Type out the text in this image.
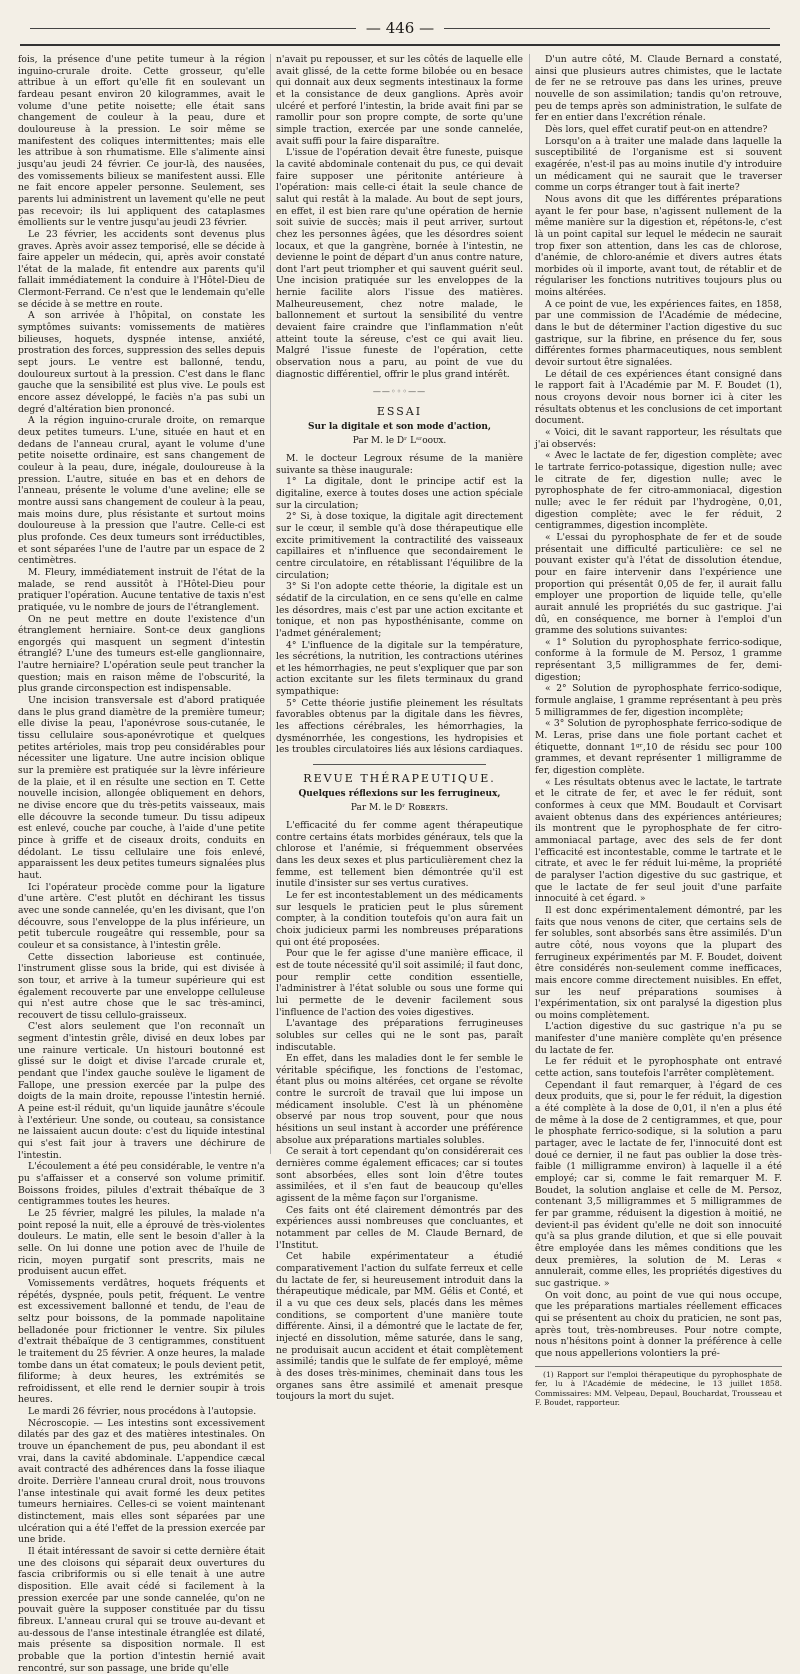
— 446 —

fois, la présence d'une petite tumeur à la région inguino-crurale droite. Cette grosseur, qu'elle attribue à un effort qu'elle fit en soulevant un fardeau pesant environ 20 kilogrammes, avait le volume d'une petite noisette; elle était sans changement de couleur à la peau, dure et douloureuse à la pression. Le soir même se manifestent des coliques intermittentes; mais elle les attribue à son rhumatisme. Elle s'alimente ainsi jusqu'au jeudi 24 février. Ce jour-là, des nausées, des vomissements bilieux se manifestent aussi. Elle ne fait encore appeler personne. Seulement, ses parents lui administrent un lavement qu'elle ne peut pas recevoir; ils lui appliquent des cataplasmes émollients sur le ventre jusqu'au jeudi 23 février.

Le 23 février, les accidents sont devenus plus graves. Après avoir assez temporisé, elle se décide à faire appeler un médecin, qui, après avoir constaté l'état de la malade, fit entendre aux parents qu'il fallait immédiatement la conduire à l'Hôtel-Dieu de Clermont-Ferrand. Ce n'est que le lendemain qu'elle se décide à se mettre en route.

A son arrivée à l'hôpital, on constate les symptômes suivants: vomissements de matières bilieuses, hoquets, dyspnée intense, anxiété, prostration des forces, suppression des selles depuis sept jours. Le ventre est ballonné, tendu, douloureux surtout à la pression. C'est dans le flanc gauche que la sensibilité est plus vive. Le pouls est encore assez développé, le faciès n'a pas subi un degré d'altération bien prononcé.

A la région inguino-crurale droite, on remarque deux petites tumeurs. L'une, située en haut et en dedans de l'anneau crural, ayant le volume d'une petite noisette ordinaire, est sans changement de couleur à la peau, dure, inégale, douloureuse à la pression. L'autre, située en bas et en dehors de l'anneau, présente le volume d'une aveline; elle se montre aussi sans changement de couleur à la peau, mais moins dure, plus résistante et surtout moins douloureuse à la pression que l'autre. Celle-ci est plus profonde. Ces deux tumeurs sont irréductibles, et sont séparées l'une de l'autre par un espace de 2 centimètres.

M. Fleury, immédiatement instruit de l'état de la malade, se rend aussitôt à l'Hôtel-Dieu pour pratiquer l'opération. Aucune tentative de taxis n'est pratiquée, vu le nombre de jours de l'étranglement.

On ne peut mettre en doute l'existence d'un étranglement herniaire. Sont-ce deux ganglions engorgés qui masquent un segment d'intestin étranglé? L'une des tumeurs est-elle ganglionnaire, l'autre herniaire? L'opération seule peut trancher la question; mais en raison même de l'obscurité, la plus grande circonspection est indispensable.

Une incision transversale est d'abord pratiquée dans le plus grand diamètre de la première tumeur; elle divise la peau, l'aponévrose sous-cutanée, le tissu cellulaire sous-aponévrotique et quelques petites artérioles, mais trop peu considérables pour nécessiter une ligature. Une autre incision oblique sur la première est pratiquée sur la lèvre inférieure de la plaie, et il en résulte une section en T. Cette nouvelle incision, allongée obliquement en dehors, ne divise encore que du très-petits vaisseaux, mais elle découvre la seconde tumeur. Du tissu adipeux est enlevé, couche par couche, à l'aide d'une petite pince à griffe et de ciseaux droits, conduits en dédolant. Le tissu cellulaire une fois enlevé, apparaissent les deux petites tumeurs signalées plus haut.

Ici l'opérateur procède comme pour la ligature d'une artère. C'est plutôt en déchirant les tissus avec une sonde cannelée, qu'en les divisant, que l'on découvre, sous l'enveloppe de la plus inférieure, un petit tubercule rougeâtre qui ressemble, pour sa couleur et sa consistance, à l'intestin grêle.

Cette dissection laborieuse est continuée, l'instrument glisse sous la bride, qui est divisée à son tour, et arrive à la tumeur supérieure qui est également recouverte par une enveloppe celluleuse qui n'est autre chose que le sac très-aminci, recouvert de tissu cellulo-graisseux.

C'est alors seulement que l'on reconnaît un segment d'intestin grêle, divisé en deux lobes par une rainure verticale. Un histouri boutonné est glissé sur le doigt et divise l'arcade crurale et, pendant que l'index gauche soulève le ligament de Fallope, une pression exercée par la pulpe des doigts de la main droite, repousse l'intestin hernié. A peine est-il réduit, qu'un liquide jaunâtre s'écoule à l'extérieur. Une sonde, ou couteau, sa consistance ne laissaient aucun doute: c'est du liquide intestinal qui s'est fait jour à travers une déchirure de l'intestin.

L'écoulement a été peu considérable, le ventre n'a pu s'affaisser et a conservé son volume primitif. Boissons froides, pilules d'extrait thébaïque de 3 centigrammes toutes les heures.

Le 25 février, malgré les pilules, la malade n'a point reposé la nuit, elle a éprouvé de très-violentes douleurs. Le matin, elle sent le besoin d'aller à la selle. On lui donne une potion avec de l'huile de ricin, moyen purgatif sont prescrits, mais ne produisent aucun effet.

Vomissements verdâtres, hoquets fréquents et répétés, dyspnée, pouls petit, fréquent. Le ventre est excessivement ballonné et tendu, de l'eau de seltz pour boissons, de la pommade napolitaine belladonée pour frictionner le ventre. Six pilules d'extrait thébaïque de 3 centigrammes, constituent le traitement du 25 février. A onze heures, la malade tombe dans un état comateux; le pouls devient petit, filiforme; à deux heures, les extrémités se refroidissent, et elle rend le dernier soupir à trois heures.

Le mardi 26 février, nous procédons à l'autopsie.

Nécroscopie. — Les intestins sont excessivement dilatés par des gaz et des matières intestinales. On trouve un épanchement de pus, peu abondant il est vrai, dans la cavité abdominale. L'appendice cæcal avait contracté des adhérences dans la fosse iliaque droite. Derrière l'anneau crural droit, nous trouvons l'anse intestinale qui avait formé les deux petites tumeurs herniaires. Celles-ci se voient maintenant distinctement, mais elles sont séparées par une ulcération qui a été l'effet de la pression exercée par une bride.

Il était intéressant de savoir si cette dernière était une des cloisons qui séparait deux ouvertures du fascia cribriformis ou si elle tenait à une autre disposition. Elle avait cédé si facilement à la pression exercée par une sonde cannelée, qu'on ne pouvait guère la supposer constituée par du tissu fibreux. L'anneau crural qui se trouve au-devant et au-dessous de l'anse intestinale étranglée est dilaté, mais présente sa disposition normale. Il est probable que la portion d'intestin hernié avait rencontré, sur son passage, une bride qu'elle

n'avait pu repousser, et sur les côtés de laquelle elle avait glissé, de la cette forme bilobée ou en besace qui donnait aux deux segments intestinaux la forme et la consistance de deux ganglions. Après avoir ulcéré et perforé l'intestin, la bride avait fini par se ramollir pour son propre compte, de sorte qu'une simple traction, exercée par une sonde cannelée, avait suffi pour la faire disparaître.

L'issue de l'opération devait être funeste, puisque la cavité abdominale contenait du pus, ce qui devait faire supposer une péritonite antérieure à l'opération: mais celle-ci était la seule chance de salut qui restât à la malade. Au bout de sept jours, en effet, il est bien rare qu'une opération de hernie soit suivie de succès; mais il peut arriver, surtout chez les personnes âgées, que les désordres soient locaux, et que la gangrène, bornée à l'intestin, ne devienne le point de départ d'un anus contre nature, dont l'art peut triompher et qui sauvent guérit seul. Une incision pratiquée sur les enveloppes de la hernie facilite alors l'issue des matières. Malheureusement, chez notre malade, le ballonnement et surtout la sensibilité du ventre devaient faire craindre que l'inflammation n'eût atteint toute la séreuse, c'est ce qui avait lieu. Malgré l'issue funeste de l'opération, cette observation nous a paru, au point de vue du diagnostic différentiel, offrir le plus grand intérêt.

——◦◦◦——
ESSAI
Sur la digitale et son mode d'action,
Par M. le Dʳ Lˢʳᴏᴏᴜx.

M. le docteur Legroux résume de la manière suivante sa thèse inaugurale:

1° La digitale, dont le principe actif est la digitaline, exerce à toutes doses une action spéciale sur la circulation;

2° Si, à dose toxique, la digitale agit directement sur le cœur, il semble qu'à dose thérapeutique elle excite primitivement la contractilité des vaisseaux capillaires et n'influence que secondairement le centre circulatoire, en rétablissant l'équilibre de la circulation;

3° Si l'on adopte cette théorie, la digitale est un sédatif de la circulation, en ce sens qu'elle en calme les désordres, mais c'est par une action excitante et tonique, et non pas hyposthénisante, comme on l'admet généralement;

4° L'influence de la digitale sur la température, les sécrétions, la nutrition, les contractions utérines et les hémorrhagies, ne peut s'expliquer que par son action excitante sur les filets terminaux du grand sympathique:

5° Cette théorie justifie pleinement les résultats favorables obtenus par la digitale dans les fièvres, les affections cérébrales, les hémorrhagies, la dysménorrhée, les congestions, les hydropisies et les troubles circulatoires liés aux lésions cardiaques.

REVUE THÉRAPEUTIQUE.
Quelques réflexions sur les ferrugineux,
Par M. le Dʳ Rᴏʙᴇʀᴛs.

L'efficacité du fer comme agent thérapeutique contre certains états morbides généraux, tels que la chlorose et l'anémie, si fréquemment observées dans les deux sexes et plus particulièrement chez la femme, est tellement bien démontrée qu'il est inutile d'insister sur ses vertus curatives.

Le fer est incontestablement un des médicaments sur lesquels le praticien peut le plus sûrement compter, à la condition toutefois qu'on aura fait un choix judicieux parmi les nombreuses préparations qui ont été proposées.

Pour que le fer agisse d'une manière efficace, il est de toute nécessité qu'il soit assimilé; il faut donc, pour remplir cette condition essentielle, l'administrer à l'état soluble ou sous une forme qui lui permette de le devenir facilement sous l'influence de l'action des voies digestives.

L'avantage des préparations ferrugineuses solubles sur celles qui ne le sont pas, paraît indiscutable.

En effet, dans les maladies dont le fer semble le véritable spécifique, les fonctions de l'estomac, étant plus ou moins altérées, cet organe se révolte contre le surcroît de travail que lui impose un médicament insoluble. C'est là un phénomène observé par nous trop souvent, pour que nous hésitions un seul instant à accorder une préférence absolue aux préparations martiales solubles.

Ce serait à tort cependant qu'on considérerait ces dernières comme également efficaces; car si toutes sont absorbées, elles sont loin d'être toutes assimilées, et il s'en faut de beaucoup qu'elles agissent de la même façon sur l'organisme.

Ces faits ont été clairement démontrés par des expériences aussi nombreuses que concluantes, et notamment par celles de M. Claude Bernard, de l'Institut.

Cet habile expérimentateur a étudié comparativement l'action du sulfate ferreux et celle du lactate de fer, si heureusement introduit dans la thérapeutique médicale, par MM. Gélis et Conté, et il a vu que ces deux sels, placés dans les mêmes conditions, se comportent d'une manière toute différente. Ainsi, il a démontré que le lactate de fer, injecté en dissolution, même saturée, dans le sang, ne produisait aucun accident et était complètement assimilé; tandis que le sulfate de fer employé, même à des doses très-minimes, cheminait dans tous les organes sans être assimilé et amenait presque toujours la mort du sujet.

D'un autre côté, M. Claude Bernard a constaté, ainsi que plusieurs autres chimistes, que le lactate de fer ne se retrouve pas dans les urines, preuve nouvelle de son assimilation; tandis qu'on retrouve, peu de temps après son administration, le sulfate de fer en entier dans l'excrétion rénale.

Dès lors, quel effet curatif peut-on en attendre?

Lorsqu'on a à traiter une malade dans laquelle la susceptibilité de l'organisme est si souvent exagérée, n'est-il pas au moins inutile d'y introduire un médicament qui ne saurait que le traverser comme un corps étranger tout à fait inerte?

Nous avons dit que les différentes préparations ayant le fer pour base, n'agissent nullement de la même manière sur la digestion et, répétons-le, c'est là un point capital sur lequel le médecin ne saurait trop fixer son attention, dans les cas de chlorose, d'anémie, de chloro-anémie et divers autres états morbides où il importe, avant tout, de rétablir et de régulariser les fonctions nutritives toujours plus ou moins altérées.

A ce point de vue, les expériences faites, en 1858, par une commission de l'Académie de médecine, dans le but de déterminer l'action digestive du suc gastrique, sur la fibrine, en présence du fer, sous différentes formes pharmaceutiques, nous semblent devoir surtout être signalées.

Le détail de ces expériences étant consigné dans le rapport fait à l'Académie par M. F. Boudet (1), nous croyons devoir nous borner ici à citer les résultats obtenus et les conclusions de cet important document.

« Voici, dit le savant rapporteur, les résultats que j'ai observés:

« Avec le lactate de fer, digestion complète; avec le tartrate ferrico-potassique, digestion nulle; avec le citrate de fer, digestion nulle; avec le pyrophosphate de fer citro-ammoniacal, digestion nulle; avec le fer réduit par l'hydrogène, 0,01, digestion complète; avec le fer réduit, 2 centigrammes, digestion incomplète.

« L'essai du pyrophosphate de fer et de soude présentait une difficulté particulière: ce sel ne pouvant exister qu'à l'état de dissolution étendue, pour en faire intervenir dans l'expérience une proportion qui présentât 0,05 de fer, il aurait fallu employer une proportion de liquide telle, qu'elle aurait annulé les propriétés du suc gastrique. J'ai dû, en conséquence, me borner à l'emploi d'un gramme des solutions suivantes:

« 1° Solution du pyrophosphate ferrico-sodique, conforme à la formule de M. Persoz, 1 gramme représentant 3,5 milligrammes de fer, demi-digestion;

« 2° Solution de pyrophosphate ferrico-sodique, formule anglaise, 1 gramme représentant à peu près 5 milligrammes de fer, digestion incomplète;

« 3° Solution de pyrophosphate ferrico-sodique de M. Leras, prise dans une fiole portant cachet et étiquette, donnant 1ᵍʳ,10 de résidu sec pour 100 grammes, et devant représenter 1 milligramme de fer, digestion complète.

« Les résultats obtenus avec le lactate, le tartrate et le citrate de fer, et avec le fer réduit, sont conformes à ceux que MM. Boudault et Corvisart avaient obtenus dans des expériences antérieures; ils montrent que le pyrophosphate de fer citro-ammoniacal partage, avec des sels de fer dont l'efficacité est incontestable, comme le tartrate et le citrate, et avec le fer réduit lui-même, la propriété de paralyser l'action digestive du suc gastrique, et que le lactate de fer seul jouit d'une parfaite innocuité à cet égard. »

Il est donc expérimentalement démontré, par les faits que nous venons de citer, que certains sels de fer solubles, sont absorbés sans être assimilés. D'un autre côté, nous voyons que la plupart des ferrugineux expérimentés par M. F. Boudet, doivent être considérés non-seulement comme inefficaces, mais encore comme directement nuisibles. En effet, sur les neuf préparations soumises à l'expérimentation, six ont paralysé la digestion plus ou moins complètement.

L'action digestive du suc gastrique n'a pu se manifester d'une manière complète qu'en présence du lactate de fer.

Le fer réduit et le pyrophosphate ont entravé cette action, sans toutefois l'arrêter complètement.

Cependant il faut remarquer, à l'égard de ces deux produits, que si, pour le fer réduit, la digestion a été complète à la dose de 0,01, il n'en a plus été de même à la dose de 2 centigrammes, et que, pour le phosphate ferrico-sodique, si la solution a paru partager, avec le lactate de fer, l'innocuité dont est doué ce dernier, il ne faut pas oublier la dose très-faible (1 milligramme environ) à laquelle il a été employé; car si, comme le fait remarquer M. F. Boudet, la solution anglaise et celle de M. Persoz, contenant 3,5 milligrammes et 5 milligrammes de fer par gramme, réduisent la digestion à moitié, ne devient-il pas évident qu'elle ne doit son innocuité qu'à sa plus grande dilution, et que si elle pouvait être employée dans les mêmes conditions que les deux premières, la solution de M. Leras « annulerait, comme elles, les propriétés digestives du suc gastrique. »

On voit donc, au point de vue qui nous occupe, que les préparations martiales réellement efficaces qui se présentent au choix du praticien, ne sont pas, après tout, très-nombreuses. Pour notre compte, nous n'hésitons point à donner la préférence à celle que nous appellerions volontiers la pré-

(1) Rapport sur l'emploi thérapeutique du pyrophosphate de fer, lu à l'Académie de médecine, le 13 juillet 1858. Commissaires: MM. Velpeau, Depaul, Bouchardat, Trousseau et F. Boudet, rapporteur.
